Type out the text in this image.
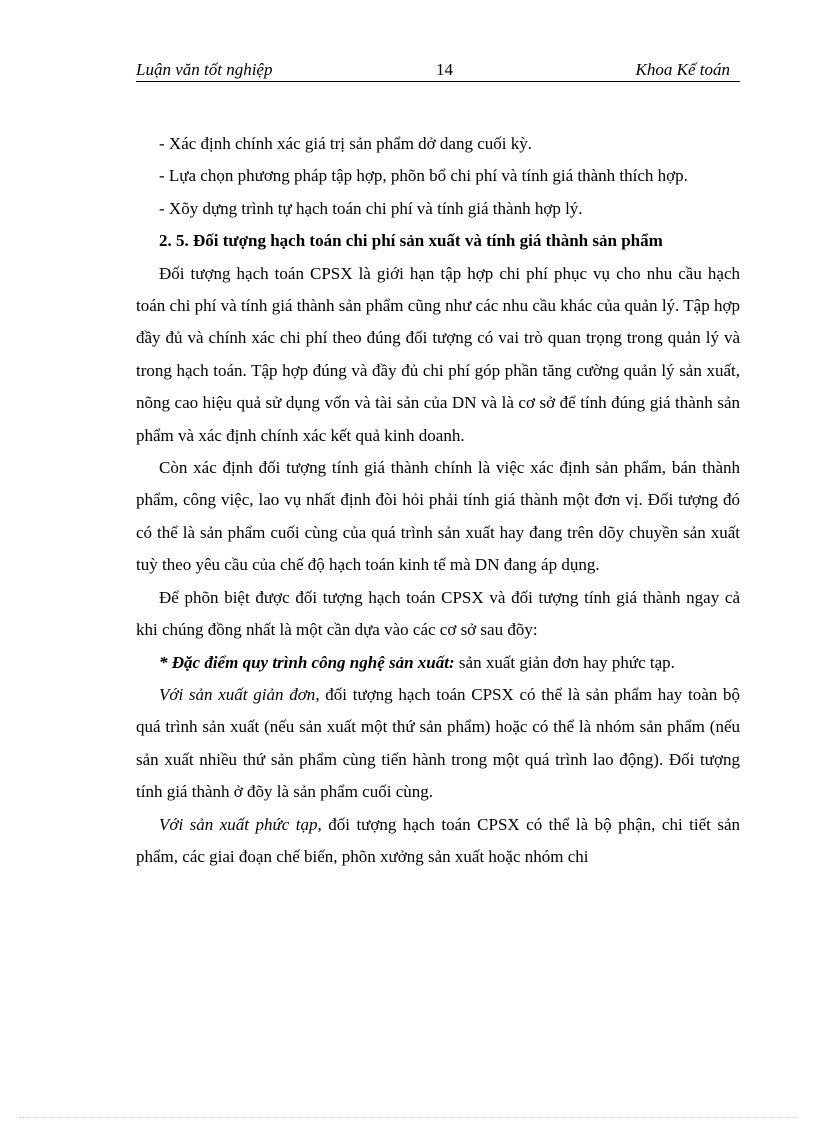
Luận văn tốt nghiệp	14	Khoa Kế toán

- Xác định chính xác giá trị sản phẩm dở dang cuối kỳ.

- Lựa chọn phương pháp tập hợp, phõn bổ chi phí và tính giá thành thích hợp.

- Xõy dựng trình tự hạch toán chi phí và tính giá thành hợp lý.

2. 5. Đối tượng hạch toán chi phí sản xuất và tính giá thành sản phẩm

Đối tượng hạch toán CPSX là giới hạn tập hợp chi phí phục vụ cho nhu cầu hạch toán chi phí và tính giá thành sản phẩm cũng như các nhu cầu khác của quản lý. Tập hợp đầy đủ và chính xác chi phí theo đúng đối tượng có vai trò quan trọng trong quản lý và trong hạch toán. Tập hợp đúng và đầy đủ chi phí góp phần tăng cường quản lý sản xuất, nõng cao hiệu quả sử dụng vốn và tài sản của DN và là cơ sở để tính đúng giá thành sản phẩm và xác định chính xác kết quả kinh doanh.

Còn xác định đối tượng tính giá thành chính là việc xác định sản phẩm, bán thành phẩm, công việc, lao vụ nhất định đòi hỏi phải tính giá thành một đơn vị. Đối tượng đó có thể là sản phẩm cuối cùng của quá trình sản xuất hay đang trên dõy chuyền sản xuất tuỳ theo yêu cầu của chế độ hạch toán kinh tế mà DN đang áp dụng.

Để phõn biệt được đối tượng hạch toán CPSX và đối tượng tính giá thành ngay cả khi chúng đồng nhất là một cần dựa vào các cơ sở sau đõy:

* Đặc điểm quy trình công nghệ sản xuất: sản xuất giản đơn hay phức tạp.

Với sản xuất giản đơn, đối tượng hạch toán CPSX có thể là sản phẩm hay toàn bộ quá trình sản xuất (nếu sản xuất một thứ sản phẩm) hoặc có thể là nhóm sản phẩm (nếu sản xuất nhiều thứ sản phẩm cùng tiến hành trong một quá trình lao động). Đối tượng tính giá thành ở đõy là sản phẩm cuối cùng.

Với sản xuất phức tạp, đối tượng hạch toán CPSX có thể là bộ phận, chi tiết sản phẩm, các giai đoạn chế biến, phõn xưởng sản xuất hoặc nhóm chi
